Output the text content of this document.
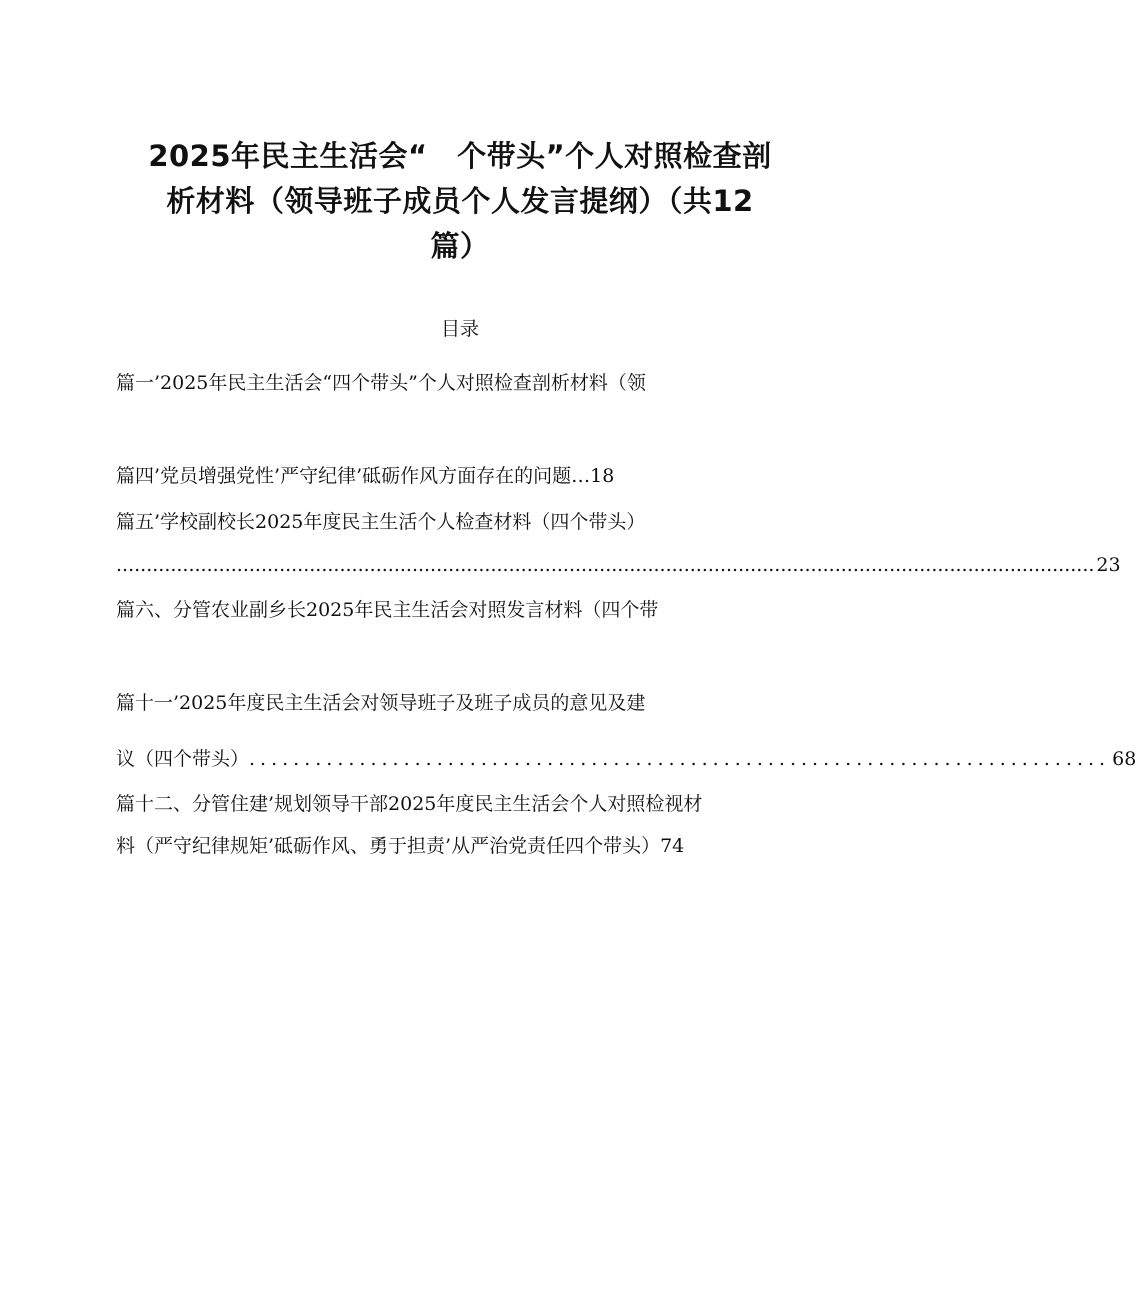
2025年民主生活会“　个带头”个人对照检查剖
析材料（领导班子成员个人发言提纲）（共12
篇）
目录
篇一’2025年民主生活会“四个带头”个人对照检查剖析材料（领
篇四’党员增强党性’严守纪律’砥砺作风方面存在的问题…18
篇五’学校副校长2025年度民主生活个人检查材料（四个带头）
.................................................................................................................................................................. 23
篇六、分管农业副乡长2025年民主生活会对照发言材料（四个带
篇十一’2025年度民主生活会对领导班子及班子成员的意见及建
议（四个带头） .............................................................................. 68
篇十二、分管住建’规划领导干部2025年度民主生活会个人对照检视材
料（严守纪律规矩’砥砺作风、勇于担责’从严治党责任四个带头）74
